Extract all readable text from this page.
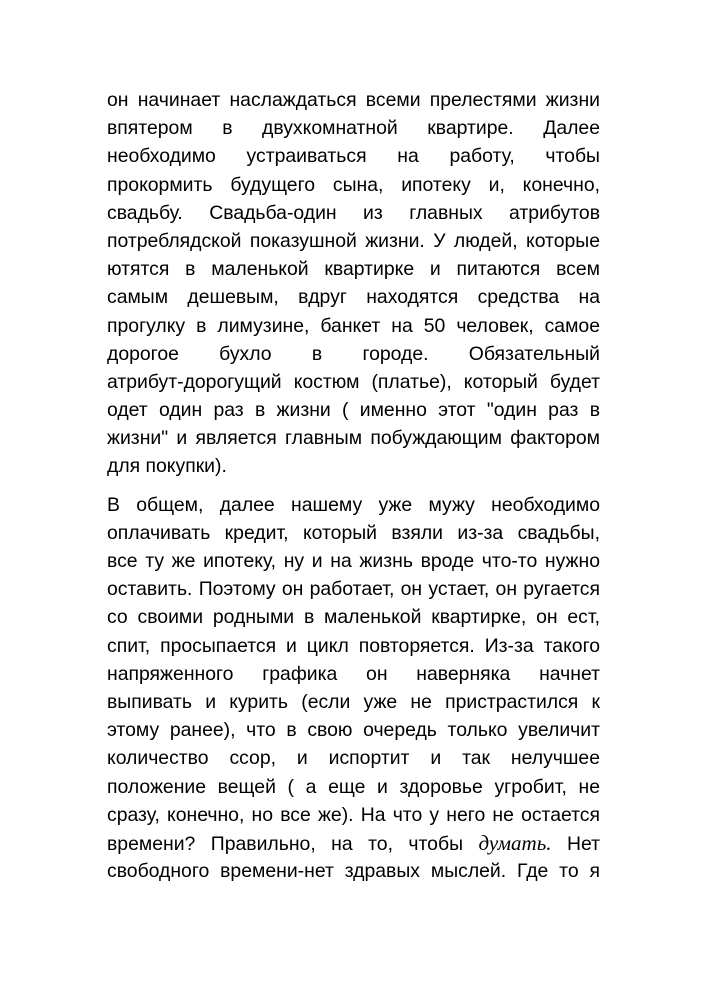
он начинает наслаждаться всеми прелестями жизни
впятером в двухкомнатной квартире. Далее
необходимо устраиваться на работу, чтобы
прокормить будущего сына, ипотеку и, конечно,
свадьбу. Свадьба-один из главных атрибутов
потреблядской показушной жизни. У людей, которые
ютятся в маленькой квартирке и питаются всем
самым дешевым, вдруг находятся средства на
прогулку в лимузине, банкет на 50 человек, самое
дорогое бухло в городе. Обязательный
атрибут-дорогущий костюм (платье), который будет
одет один раз в жизни ( именно этот "один раз в
жизни" и является главным побуждающим фактором
для покупки).
В общем, далее нашему уже мужу необходимо
оплачивать кредит, который взяли из-за свадьбы,
все ту же ипотеку, ну и на жизнь вроде что-то нужно
оставить. Поэтому он работает, он устает, он ругается
со своими родными в маленькой квартирке, он ест,
спит, просыпается и цикл повторяется. Из-за такого
напряженного графика он наверняка начнет
выпивать и курить (если уже не пристрастился к
этому ранее), что в свою очередь только увеличит
количество ссор, и испортит и так нелучшее
положение вещей ( а еще и здоровье угробит, не
сразу, конечно, но все же). На что у него не остается
времени? Правильно, на то, чтобы думать. Нет
свободного времени-нет здравых мыслей. Где то я
